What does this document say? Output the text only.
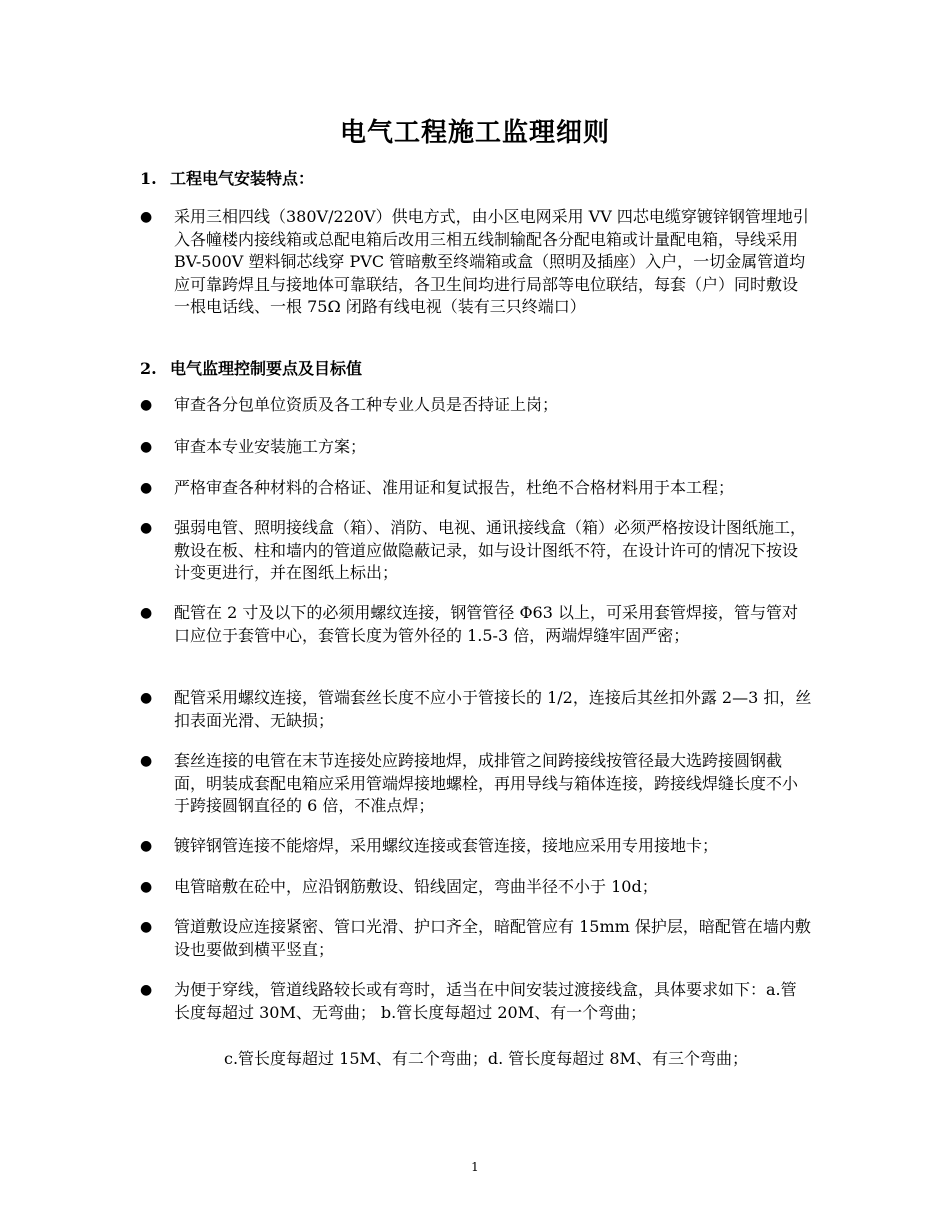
电气工程施工监理细则
1. 工程电气安装特点：
● 采用三相四线（380V/220V）供电方式，由小区电网采用 VV 四芯电缆穿镀锌钢管埋地引入各幢楼内接线箱或总配电箱后改用三相五线制输配各分配电箱或计量配电箱，导线采用 BV-500V 塑料铜芯线穿 PVC 管暗敷至终端箱或盒（照明及插座）入户，一切金属管道均应可靠跨焊且与接地体可靠联结，各卫生间均进行局部等电位联结，每套（户）同时敷设一根电话线、一根 75Ω 闭路有线电视（装有三只终端口）
2. 电气监理控制要点及目标值
● 审查各分包单位资质及各工种专业人员是否持证上岗；
● 审查本专业安装施工方案；
● 严格审查各种材料的合格证、准用证和复试报告，杜绝不合格材料用于本工程；
● 强弱电管、照明接线盒（箱）、消防、电视、通讯接线盒（箱）必须严格按设计图纸施工，敷设在板、柱和墙内的管道应做隐蔽记录，如与设计图纸不符，在设计许可的情况下按设计变更进行，并在图纸上标出；
● 配管在 2 寸及以下的必须用螺纹连接，钢管管径 Φ63 以上，可采用套管焊接，管与管对口应位于套管中心，套管长度为管外径的 1.5-3 倍，两端焊缝牢固严密；
● 配管采用螺纹连接，管端套丝长度不应小于管接长的 1/2，连接后其丝扣外露 2—3 扣，丝扣表面光滑、无缺损；
● 套丝连接的电管在末节连接处应跨接地焊，成排管之间跨接线按管径最大选跨接圆钢截面，明装成套配电箱应采用管端焊接地螺栓，再用导线与箱体连接，跨接线焊缝长度不小于跨接圆钢直径的 6 倍，不准点焊；
● 镀锌钢管连接不能熔焊，采用螺纹连接或套管连接，接地应采用专用接地卡；
● 电管暗敷在砼中，应沿钢筋敷设、铅线固定，弯曲半径不小于 10d；
● 管道敷设应连接紧密、管口光滑、护口齐全，暗配管应有 15mm 保护层，暗配管在墙内敷设也要做到横平竖直；
● 为便于穿线，管道线路较长或有弯时，适当在中间安装过渡接线盒，具体要求如下：a.管长度每超过 30M、无弯曲； b.管长度每超过 20M、有一个弯曲；
c.管长度每超过 15M、有二个弯曲；d. 管长度每超过 8M、有三个弯曲；
1
